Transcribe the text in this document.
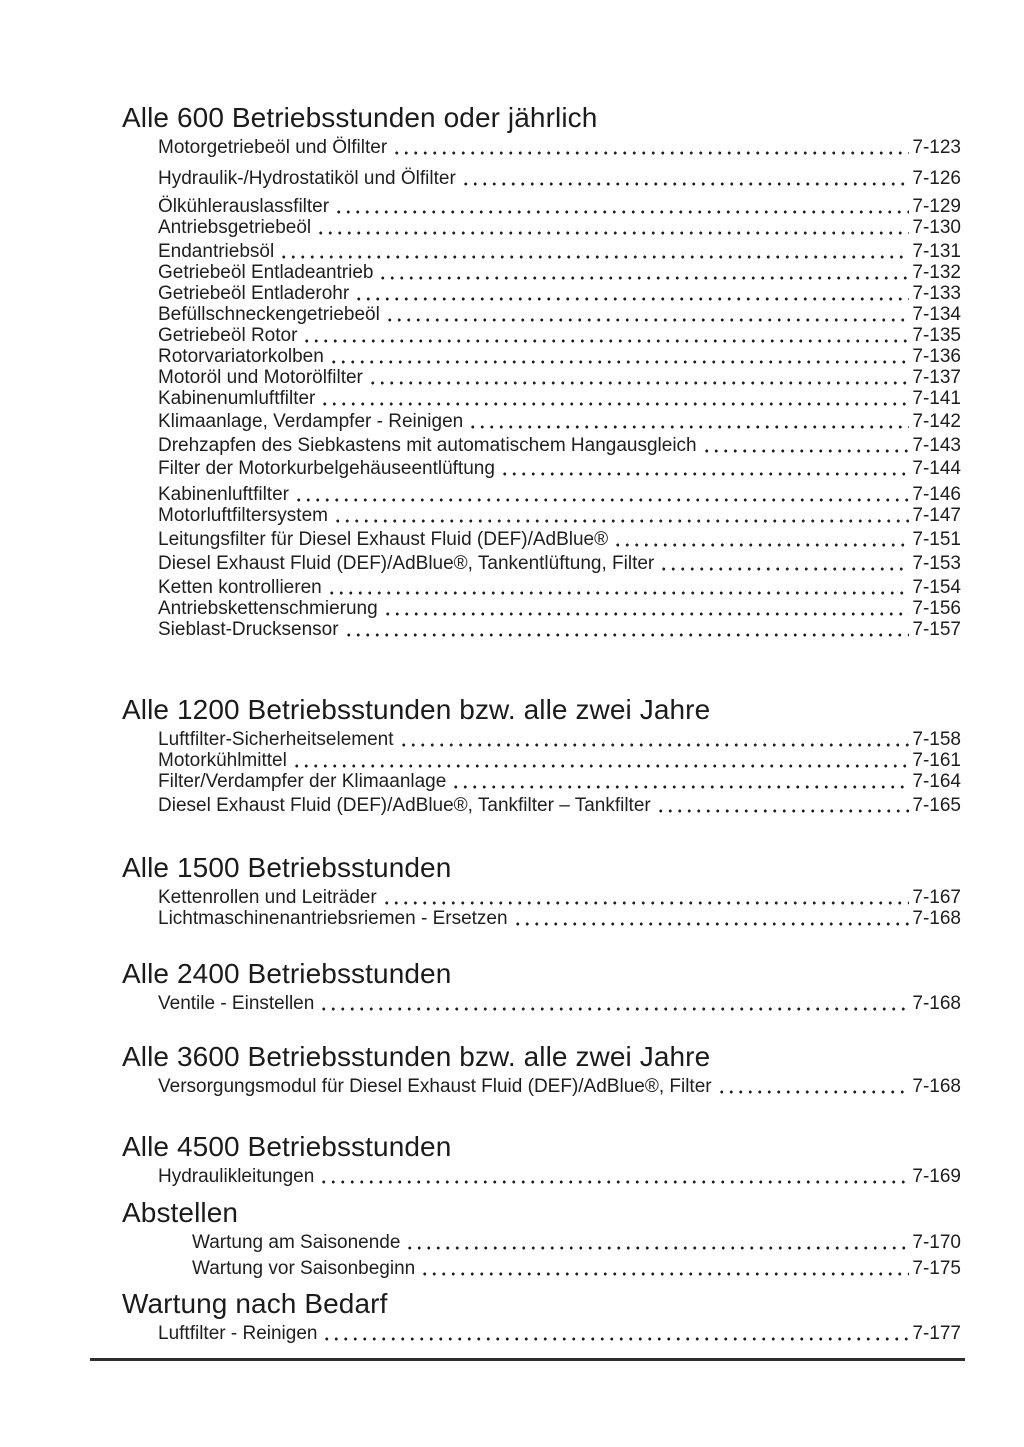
Alle 600 Betriebsstunden oder jährlich
Motorgetriebeöl und Ölfilter	7-123
Hydraulik-/Hydrostatiköl und Ölfilter	7-126
Ölkühlerauslassfilter	7-129
Antriebsgetriebeöl	7-130
Endantriebsöl	7-131
Getriebeöl Entladeantrieb	7-132
Getriebeöl Entladerohr	7-133
Befüllschneckengetriebeöl	7-134
Getriebeöl Rotor	7-135
Rotorvariatorkolben	7-136
Motoröl und Motorölfilter	7-137
Kabinenumluftfilter	7-141
Klimaanlage, Verdampfer - Reinigen	7-142
Drehzapfen des Siebkastens mit automatischem Hangausgleich	7-143
Filter der Motorkurbelgehäuseentlüftung	7-144
Kabinenluftfilter	7-146
Motorluftfiltersystem	7-147
Leitungsfilter für Diesel Exhaust Fluid (DEF)/AdBlue®	7-151
Diesel Exhaust Fluid (DEF)/AdBlue®, Tankentlüftung, Filter	7-153
Ketten kontrollieren	7-154
Antriebskettenschmierung	7-156
Sieblast-Drucksensor	7-157
Alle 1200 Betriebsstunden bzw. alle zwei Jahre
Luftfilter-Sicherheitselement	7-158
Motorkühlmittel	7-161
Filter/Verdampfer der Klimaanlage	7-164
Diesel Exhaust Fluid (DEF)/AdBlue®, Tankfilter – Tankfilter	7-165
Alle 1500 Betriebsstunden
Kettenrollen und Leiträder	7-167
Lichtmaschinenantriebsriemen - Ersetzen	7-168
Alle 2400 Betriebsstunden
Ventile - Einstellen	7-168
Alle 3600 Betriebsstunden bzw. alle zwei Jahre
Versorgungsmodul für Diesel Exhaust Fluid (DEF)/AdBlue®, Filter	7-168
Alle 4500 Betriebsstunden
Hydraulikleitungen	7-169
Abstellen
Wartung am Saisonende	7-170
Wartung vor Saisonbeginn	7-175
Wartung nach Bedarf
Luftfilter - Reinigen	7-177
